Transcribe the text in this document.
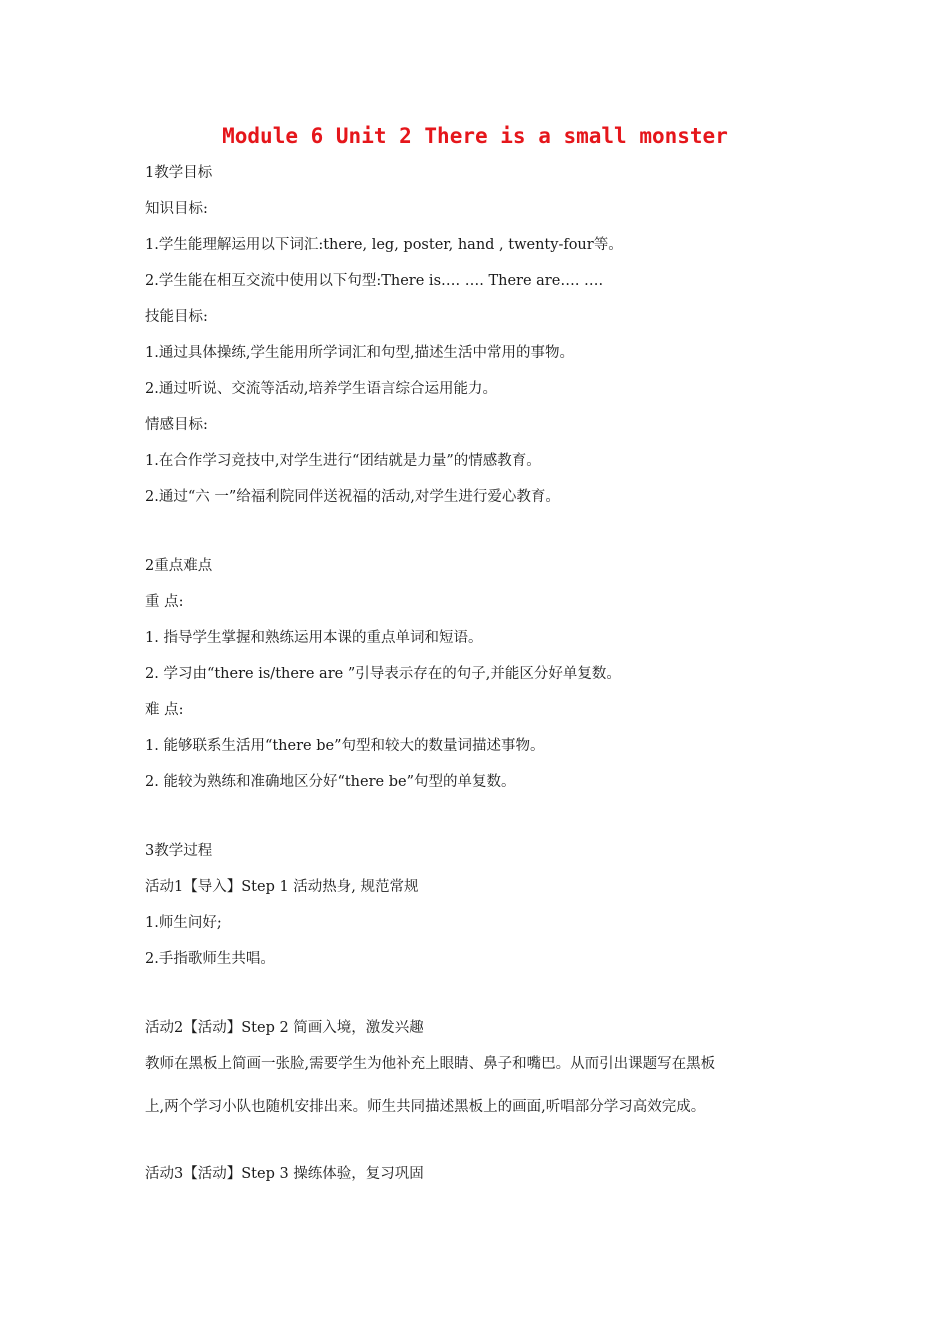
Module 6 Unit 2 There is a small monster
1教学目标
知识目标:
1.学生能理解运用以下词汇:there, leg, poster, hand , twenty-four等。
2.学生能在相互交流中使用以下句型:There is…. …. There are…. ….
技能目标:
1.通过具体操练,学生能用所学词汇和句型,描述生活中常用的事物。
2.通过听说、交流等活动,培养学生语言综合运用能力。
情感目标:
1.在合作学习竞技中,对学生进行“团结就是力量”的情感教育。
2.通过“六 一”给福利院同伴送祝福的活动,对学生进行爱心教育。
2重点难点
重 点:
1. 指导学生掌握和熟练运用本课的重点单词和短语。
2. 学习由“there is/there are ”引导表示存在的句子,并能区分好单复数。
难 点:
1. 能够联系生活用“there be”句型和较大的数量词描述事物。
2. 能较为熟练和准确地区分好“there be”句型的单复数。
3教学过程
活动1【导入】Step 1 活动热身, 规范常规
1.师生问好;
2.手指歌师生共唱。
活动2【活动】Step 2 简画入境，激发兴趣
教师在黑板上简画一张脸,需要学生为他补充上眼睛、鼻子和嘴巴。从而引出课题写在黑板
上,两个学习小队也随机安排出来。师生共同描述黑板上的画面,听唱部分学习高效完成。
活动3【活动】Step 3 操练体验，复习巩固
